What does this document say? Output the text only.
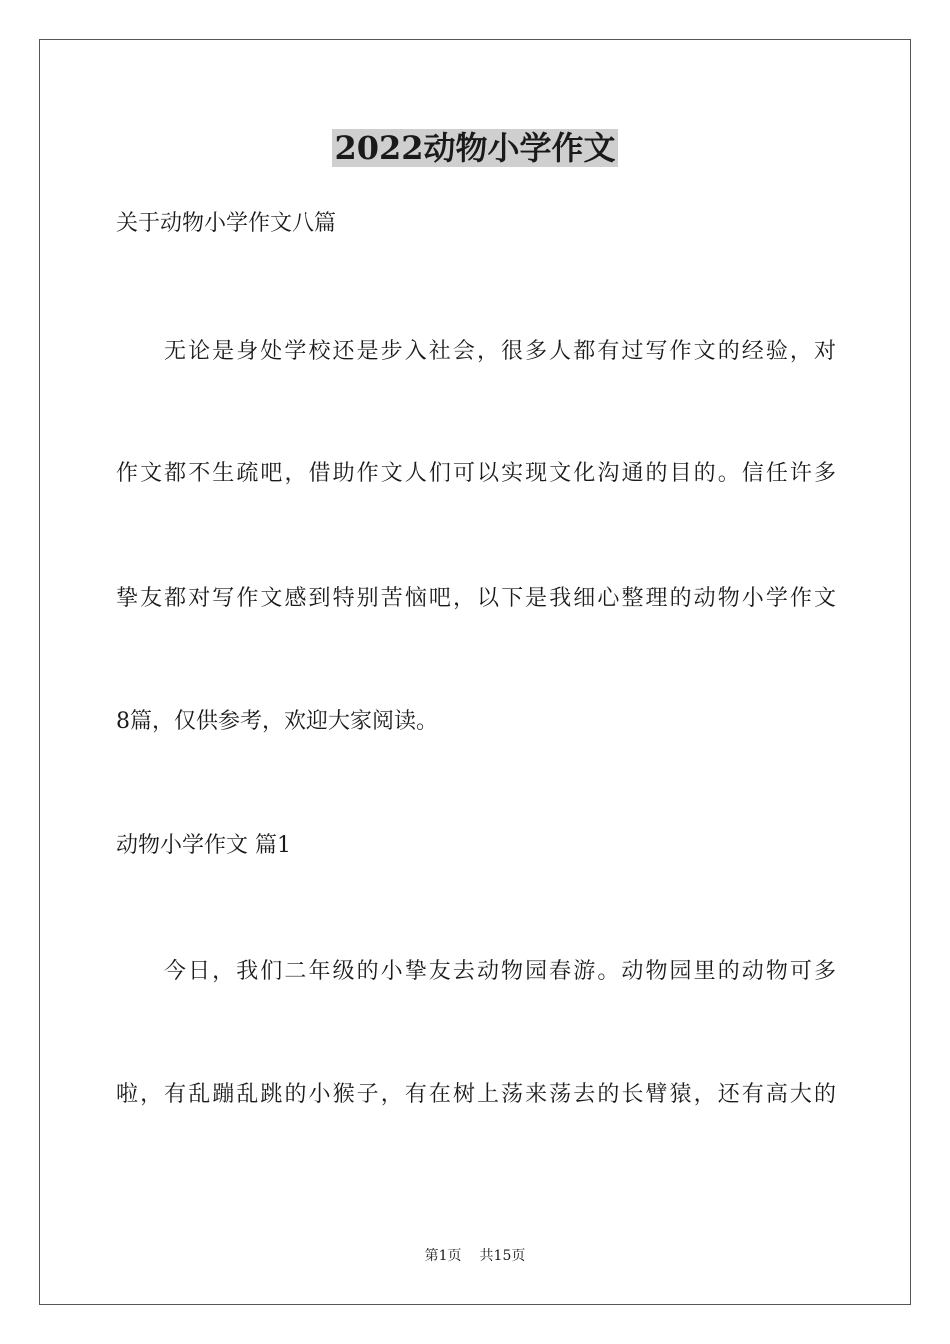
2022动物小学作文
关于动物小学作文八篇
无论是身处学校还是步入社会，很多人都有过写作文的经验，对
作文都不生疏吧，借助作文人们可以实现文化沟通的目的。信任许多
挚友都对写作文感到特别苦恼吧，以下是我细心整理的动物小学作文
8篇，仅供参考，欢迎大家阅读。
动物小学作文 篇1
今日，我们二年级的小挚友去动物园春游。动物园里的动物可多
啦，有乱蹦乱跳的小猴子，有在树上荡来荡去的长臂猿，还有高大的
第1页 共15页
